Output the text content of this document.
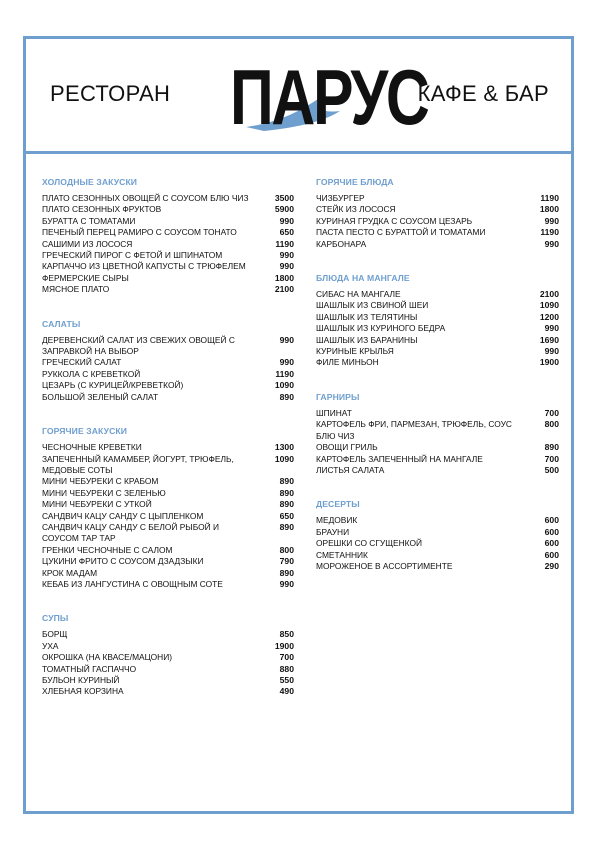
РЕСТОРАН ПАРУС
КАФЕ & БАР
ХОЛОДНЫЕ ЗАКУСКИ
ПЛАТО СЕЗОННЫХ ОВОЩЕЙ С СОУСОМ БЛЮ ЧИЗ	3500
ПЛАТО СЕЗОННЫХ ФРУКТОВ	5900
БУРАТТА С ТОМАТАМИ	990
ПЕЧЕНЫЙ ПЕРЕЦ РАМИРО С СОУСОМ ТОНАТО	650
САШИМИ ИЗ ЛОСОСЯ	1190
ГРЕЧЕСКИЙ ПИРОГ С ФЕТОЙ И ШПИНАТОМ	990
КАРПАЧЧО ИЗ ЦВЕТНОЙ КАПУСТЫ С ТРЮФЕЛЕМ	990
ФЕРМЕРСКИЕ СЫРЫ	1800
МЯСНОЕ ПЛАТО	2100
САЛАТЫ
ДЕРЕВЕНСКИЙ САЛАТ ИЗ СВЕЖИХ ОВОЩЕЙ С ЗАПРАВКОЙ НА ВЫБОР
990
ГРЕЧЕСКИЙ САЛАТ	990
РУККОЛА С КРЕВЕТКОЙ	1190
ЦЕЗАРЬ (С КУРИЦЕЙ/КРЕВЕТКОЙ)	1090
БОЛЬШОЙ ЗЕЛЕНЫЙ САЛАТ	890
ГОРЯЧИЕ ЗАКУСКИ
ЧЕСНОЧНЫЕ КРЕВЕТКИ	1300
ЗАПЕЧЕННЫЙ КАМАМБЕР, ЙОГУРТ, ТРЮФЕЛЬ, МЕДОВЫЕ СОТЫ
1090
МИНИ ЧЕБУРЕКИ С КРАБОМ	890
МИНИ ЧЕБУРЕКИ С ЗЕЛЕНЬЮ	890
МИНИ ЧЕБУРЕКИ С УТКОЙ	890
САНДВИЧ КАЦУ САНДУ С ЦЫПЛЕНКОМ	650
САНДВИЧ КАЦУ САНДУ С БЕЛОЙ РЫБОЙ И СОУСОМ ТАР ТАР
890
ГРЕНКИ ЧЕСНОЧНЫЕ С САЛОМ	800
ЦУКИНИ ФРИТО С СОУСОМ ДЗАДЗЫКИ	790
КРОК МАДАМ	890
КЕБАБ ИЗ ЛАНГУСТИНА С ОВОЩНЫМ СОТЕ	990
СУПЫ
БОРЩ	850
УХА	1900
ОКРОШКА (НА КВАСЕ/МАЦОНИ)	700
ТОМАТНЫЙ ГАСПАЧЧО	880
БУЛЬОН КУРИНЫЙ	550
ХЛЕБНАЯ КОРЗИНА	490
ГОРЯЧИЕ БЛЮДА
ЧИЗБУРГЕР	1190
СТЕЙК ИЗ ЛОСОСЯ	1800
КУРИНАЯ ГРУДКА С СОУСОМ ЦЕЗАРЬ	990
ПАСТА ПЕСТО С БУРАТТОЙ И ТОМАТАМИ	1190
КАРБОНАРА	990
БЛЮДА НА МАНГАЛЕ
СИБАС НА МАНГАЛЕ	2100
ШАШЛЫК ИЗ СВИНОЙ ШЕИ	1090
ШАШЛЫК ИЗ ТЕЛЯТИНЫ	1200
ШАШЛЫК ИЗ КУРИНОГО БЕДРА	990
ШАШЛЫК ИЗ БАРАНИНЫ	1690
КУРИНЫЕ КРЫЛЬЯ	990
ФИЛЕ МИНЬОН	1900
ГАРНИРЫ
ШПИНАТ	700
КАРТОФЕЛЬ ФРИ, ПАРМЕЗАН, ТРЮФЕЛЬ, СОУС БЛЮ ЧИЗ
800
ОВОЩИ ГРИЛЬ	890
КАРТОФЕЛЬ ЗАПЕЧЕННЫЙ НА МАНГАЛЕ	700
ЛИСТЬЯ САЛАТА	500
ДЕСЕРТЫ
МЕДОВИК	600
БРАУНИ	600
ОРЕШКИ СО СГУЩЕНКОЙ	600
СМЕТАННИК	600
МОРОЖЕНОЕ В АССОРТИМЕНТЕ	290
